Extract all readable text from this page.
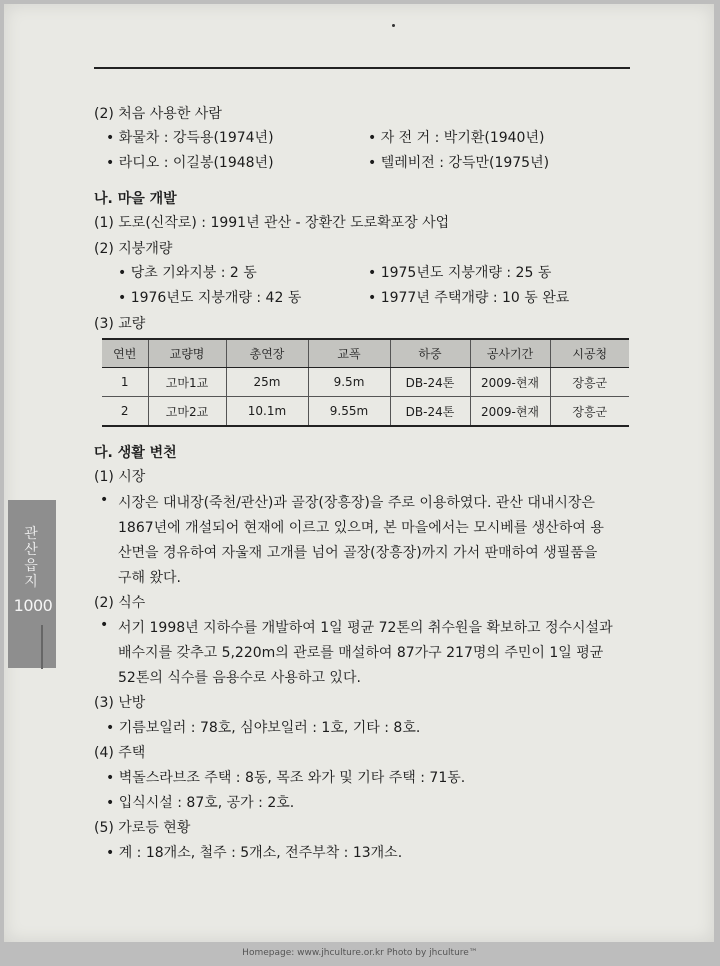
관산읍지
1000
(2) 처음 사용한 사람
• 화물차 : 강득용(1974년)	• 자 전 거 : 박기환(1940년)
• 라디오 : 이길봉(1948년)	• 텔레비전 : 강득만(1975년)
나. 마을 개발
(1) 도로(신작로) : 1991년 관산 - 장환간 도로확포장 사업
(2) 지붕개량
• 당초 기와지붕 : 2 동	• 1975년도 지붕개량 : 25 동
• 1976년도 지붕개량 : 42 동	• 1977년 주택개량 : 10 동 완료
(3) 교량
연번	교량명	총연장	교폭	하중	공사기간	시공청
1	고마1교	25m	9.5m	DB-24톤	2009-현재	장흥군
2	고마2교	10.1m	9.55m	DB-24톤	2009-현재	장흥군
다. 생활 변천
(1) 시장
• 시장은 대내장(죽천/관산)과 골장(장흥장)을 주로 이용하였다. 관산 대내시장은
1867년에 개설되어 현재에 이르고 있으며, 본 마을에서는 모시베를 생산하여 용
산면을 경유하여 자울재 고개를 넘어 골장(장흥장)까지 가서 판매하여 생필품을
구해 왔다.
(2) 식수
• 서기 1998년 지하수를 개발하여 1일 평균 72톤의 취수원을 확보하고 정수시설과
배수지를 갖추고 5,220m의 관로를 매설하여 87가구 217명의 주민이 1일 평균
52톤의 식수를 음용수로 사용하고 있다.
(3) 난방
• 기름보일러 : 78호, 심야보일러 : 1호, 기타 : 8호.
(4) 주택
• 벽돌스라브조 주택 : 8동, 목조 와가 및 기타 주택 : 71동.
• 입식시설 : 87호, 공가 : 2호.
(5) 가로등 현황
• 계 : 18개소, 철주 : 5개소, 전주부착 : 13개소.
Homepage: www.jhculture.or.kr Photo by jhculture™
